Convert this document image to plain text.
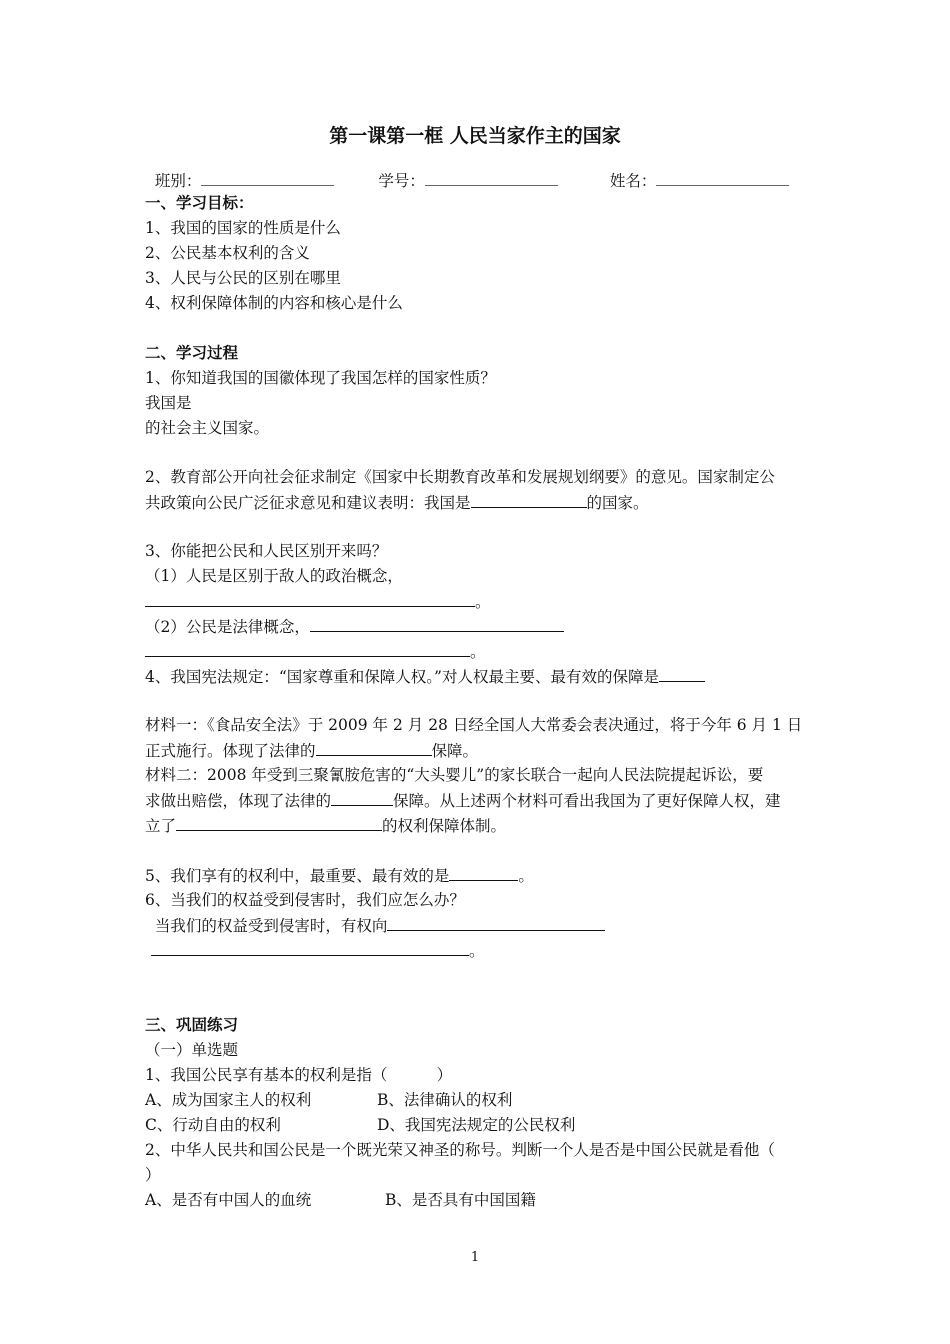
第一课第一框 人民当家作主的国家

班别：	学号：	姓名：

一、学习目标：
1、我国的国家的性质是什么
2、公民基本权利的含义
3、人民与公民的区别在哪里
4、权利保障体制的内容和核心是什么
二、学习过程
1、你知道我国的国徽体现了我国怎样的国家性质？
我国是
的社会主义国家。
2、教育部公开向社会征求制定《国家中长期教育改革和发展规划纲要》的意见。国家制定公
共政策向公民广泛征求意见和建议表明：我国是	的国家。
3、你能把公民和人民区别开来吗？
（1）人民是区别于敌人的政治概念，
。
（2）公民是法律概念，
。
4、我国宪法规定：“国家尊重和保障人权。”对人权最主要、最有效的保障是
材料一：《食品安全法》于 2009 年 2 月 28 日经全国人大常委会表决通过，将于今年 6 月 1 日
正式施行。体现了法律的	保障。
材料二：2008 年受到三聚氰胺危害的“大头婴儿”的家长联合一起向人民法院提起诉讼，要
求做出赔偿，体现了法律的	保障。从上述两个材料可看出我国为了更好保障人权，建
立了	的权利保障体制。
5、我们享有的权利中，最重要、最有效的是	。
6、当我们的权益受到侵害时，我们应怎么办？
当我们的权益受到侵害时，有权向
。
三、巩固练习
（一）单选题
1、我国公民享有基本的权利是指（          ）
A、成为国家主人的权利	B、法律确认的权利
C、行动自由的权利	D、我国宪法规定的公民权利
2、中华人民共和国公民是一个既光荣又神圣的称号。判断一个人是否是中国公民就是看他（
）
A、是否有中国人的血统	B、是否具有中国国籍
1
